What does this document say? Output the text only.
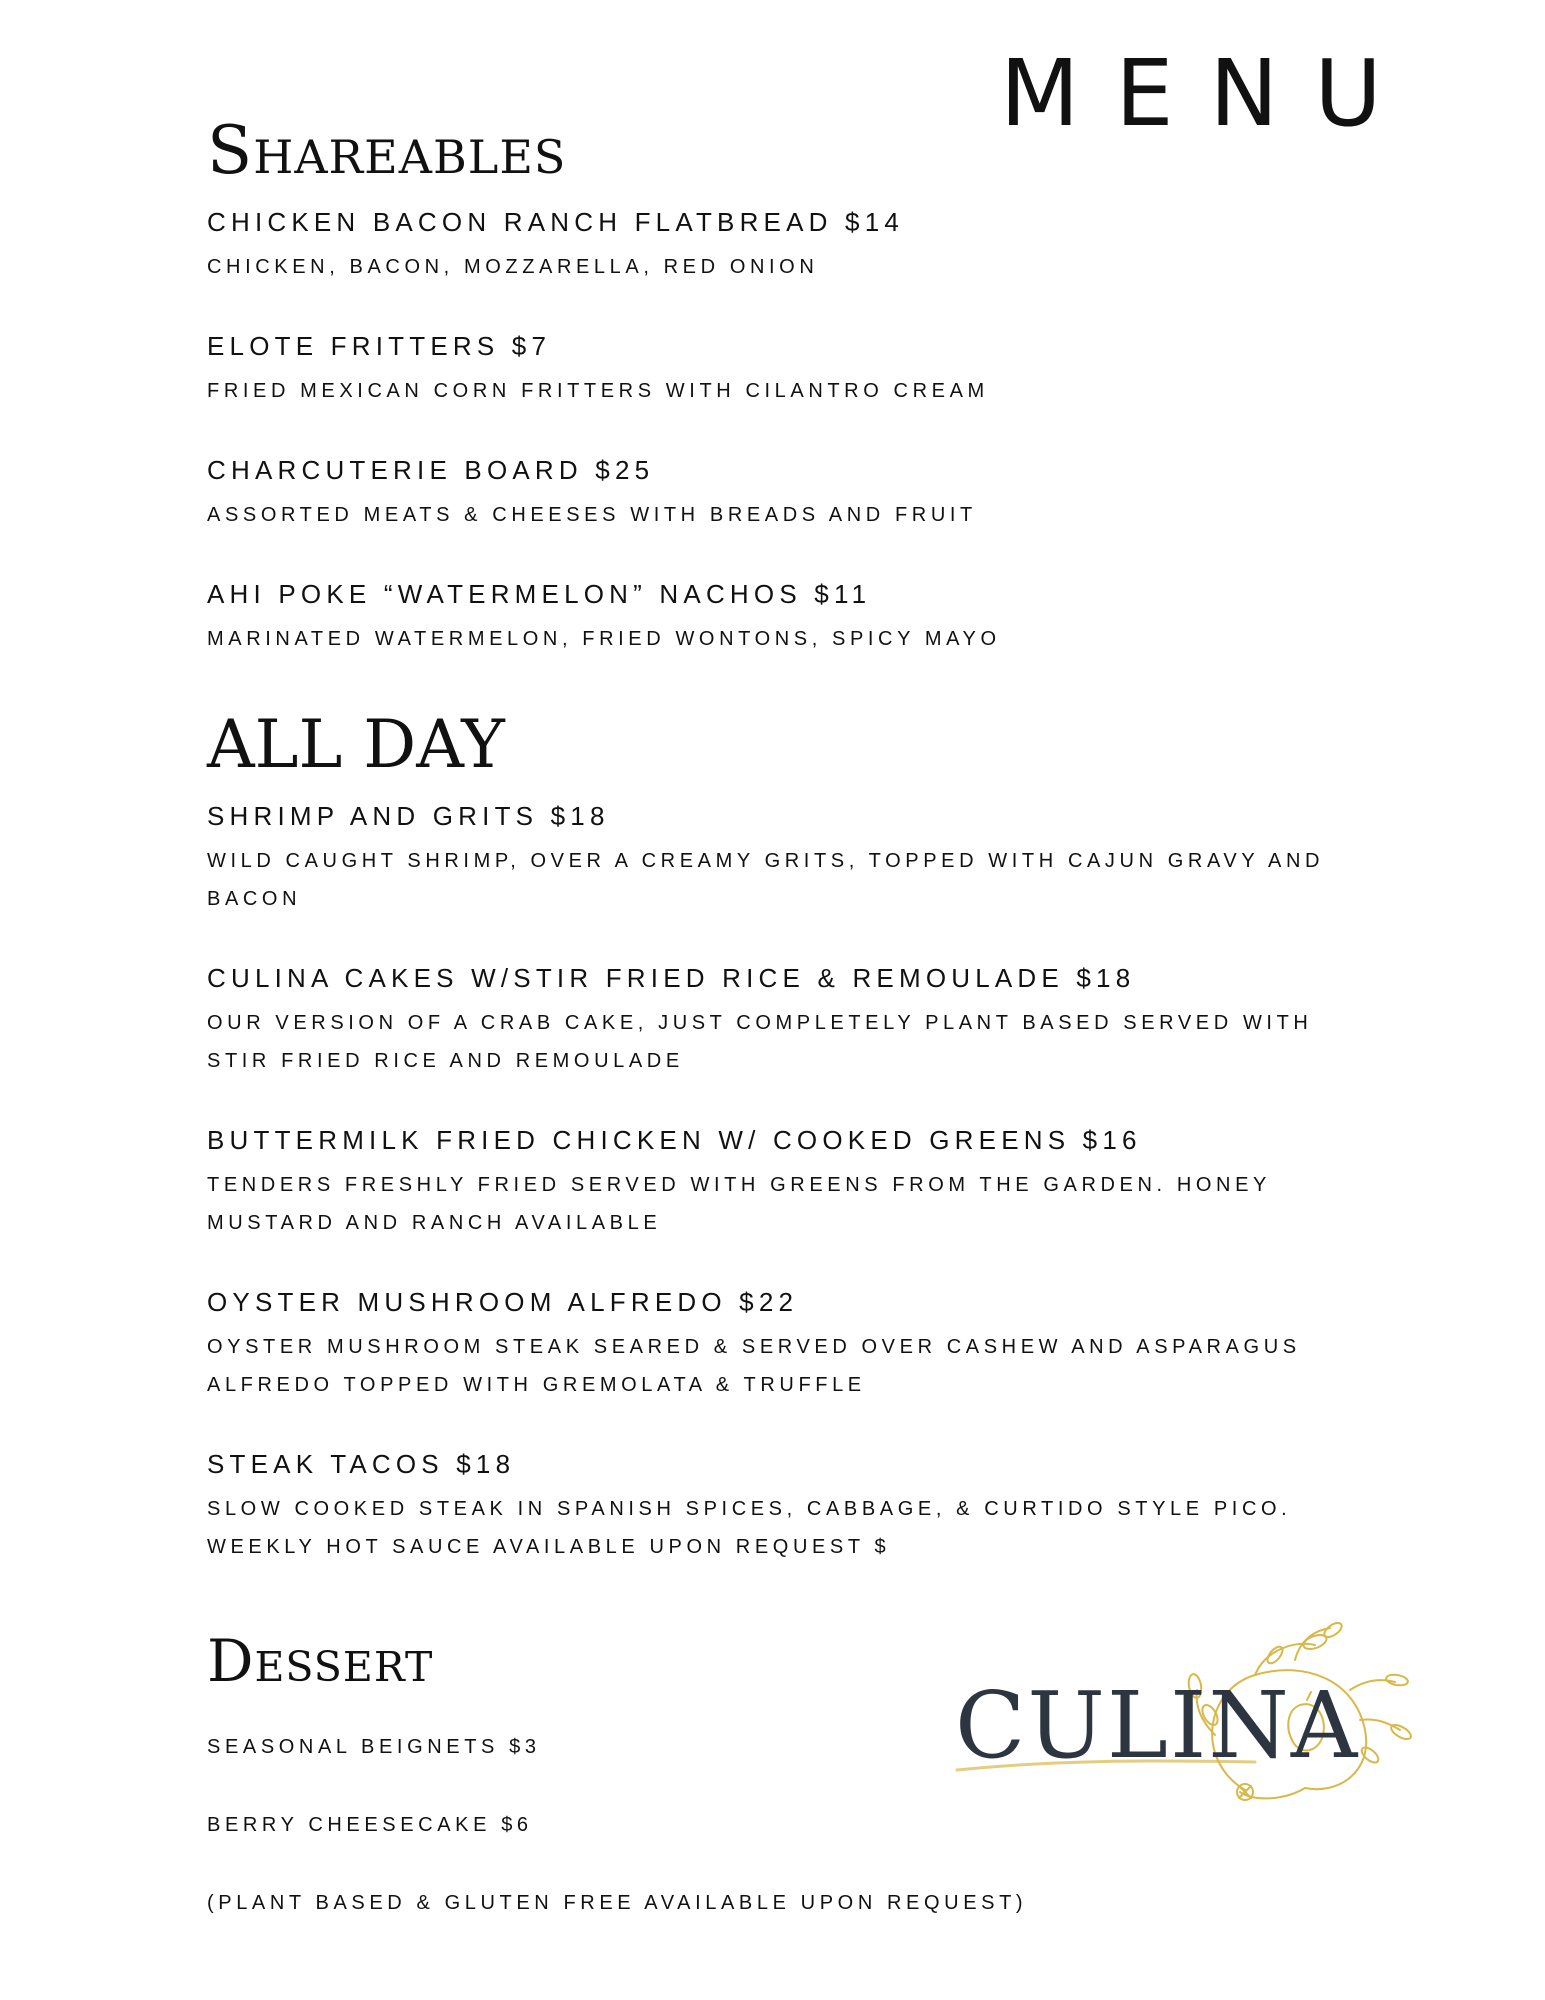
MENU
Shareables
CHICKEN BACON RANCH FLATBREAD $14
CHICKEN, BACON, MOZZARELLA, RED ONION
ELOTE FRITTERS $7
FRIED MEXICAN CORN FRITTERS WITH CILANTRO CREAM
CHARCUTERIE BOARD $25
ASSORTED MEATS & CHEESES WITH BREADS AND FRUIT
AHI POKE “WATERMELON” NACHOS $11
MARINATED WATERMELON, FRIED WONTONS, SPICY MAYO
ALL DAY
SHRIMP AND GRITS $18
WILD CAUGHT SHRIMP, OVER A CREAMY GRITS, TOPPED WITH CAJUN GRAVY AND BACON
CULINA CAKES W/STIR FRIED RICE & REMOULADE $18
OUR VERSION OF A CRAB CAKE, JUST COMPLETELY PLANT BASED SERVED WITH STIR FRIED RICE AND REMOULADE
BUTTERMILK FRIED CHICKEN W/ COOKED GREENS $16
TENDERS FRESHLY FRIED SERVED WITH GREENS FROM THE GARDEN. HONEY MUSTARD AND RANCH AVAILABLE
OYSTER MUSHROOM ALFREDO $22
OYSTER MUSHROOM STEAK SEARED & SERVED OVER CASHEW AND ASPARAGUS ALFREDO TOPPED WITH GREMOLATA & TRUFFLE
STEAK TACOS $18
SLOW COOKED STEAK IN SPANISH SPICES, CABBAGE, & CURTIDO STYLE PICO. WEEKLY HOT SAUCE AVAILABLE UPON REQUEST $
Dessert
SEASONAL BEIGNETS $3
BERRY CHEESECAKE $6
(PLANT BASED & GLUTEN FREE AVAILABLE UPON REQUEST)
CULINA
